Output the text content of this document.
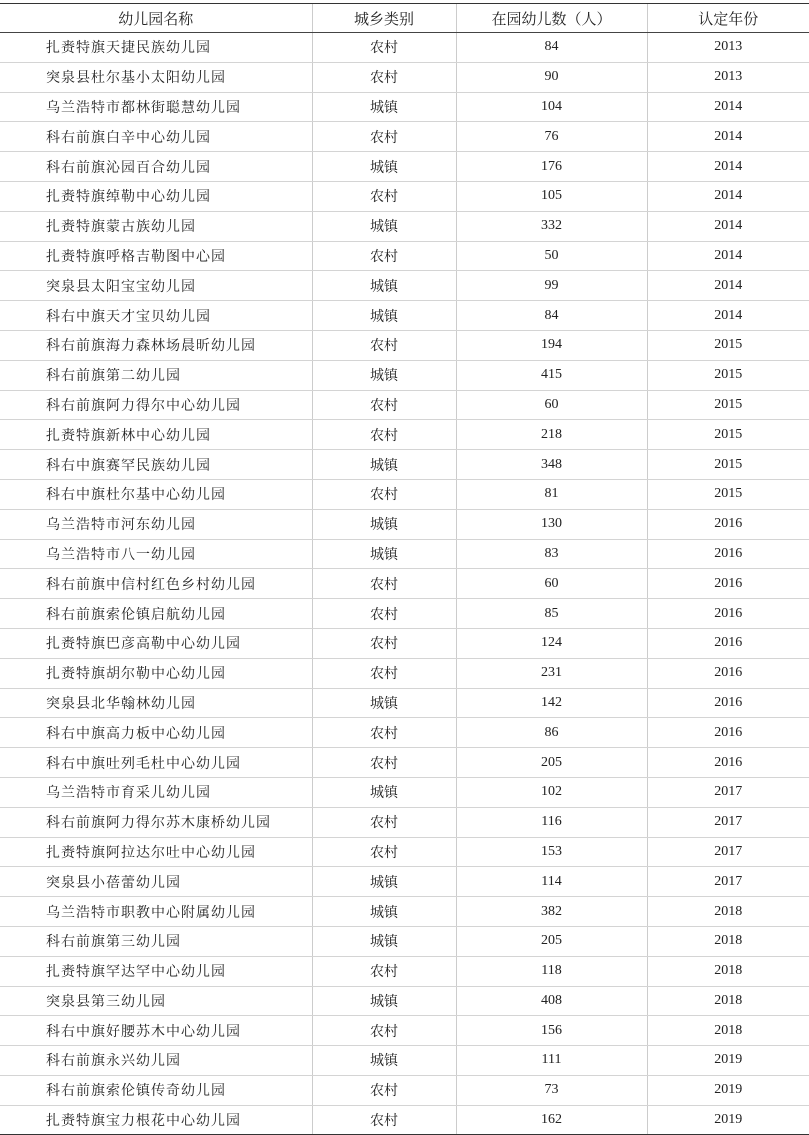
幼儿园名称	城乡类别	在园幼儿数（人）	认定年份
扎赉特旗天捷民族幼儿园	农村	84	2013
突泉县杜尔基小太阳幼儿园	农村	90	2013
乌兰浩特市都林街聪慧幼儿园	城镇	104	2014
科右前旗白辛中心幼儿园	农村	76	2014
科右前旗沁园百合幼儿园	城镇	176	2014
扎赉特旗绰勒中心幼儿园	农村	105	2014
扎赉特旗蒙古族幼儿园	城镇	332	2014
扎赉特旗呼格吉勒图中心园	农村	50	2014
突泉县太阳宝宝幼儿园	城镇	99	2014
科右中旗天才宝贝幼儿园	城镇	84	2014
科右前旗海力森林场晨昕幼儿园	农村	194	2015
科右前旗第二幼儿园	城镇	415	2015
科右前旗阿力得尔中心幼儿园	农村	60	2015
扎赉特旗新林中心幼儿园	农村	218	2015
科右中旗赛罕民族幼儿园	城镇	348	2015
科右中旗杜尔基中心幼儿园	农村	81	2015
乌兰浩特市河东幼儿园	城镇	130	2016
乌兰浩特市八一幼儿园	城镇	83	2016
科右前旗中信村红色乡村幼儿园	农村	60	2016
科右前旗索伦镇启航幼儿园	农村	85	2016
扎赉特旗巴彦高勒中心幼儿园	农村	124	2016
扎赉特旗胡尔勒中心幼儿园	农村	231	2016
突泉县北华翰林幼儿园	城镇	142	2016
科右中旗高力板中心幼儿园	农村	86	2016
科右中旗吐列毛杜中心幼儿园	农村	205	2016
乌兰浩特市育采儿幼儿园	城镇	102	2017
科右前旗阿力得尔苏木康桥幼儿园	农村	116	2017
扎赉特旗阿拉达尔吐中心幼儿园	农村	153	2017
突泉县小蓓蕾幼儿园	城镇	114	2017
乌兰浩特市职教中心附属幼儿园	城镇	382	2018
科右前旗第三幼儿园	城镇	205	2018
扎赉特旗罕达罕中心幼儿园	农村	118	2018
突泉县第三幼儿园	城镇	408	2018
科右中旗好腰苏木中心幼儿园	农村	156	2018
科右前旗永兴幼儿园	城镇	111	2019
科右前旗索伦镇传奇幼儿园	农村	73	2019
扎赉特旗宝力根花中心幼儿园	农村	162	2019
